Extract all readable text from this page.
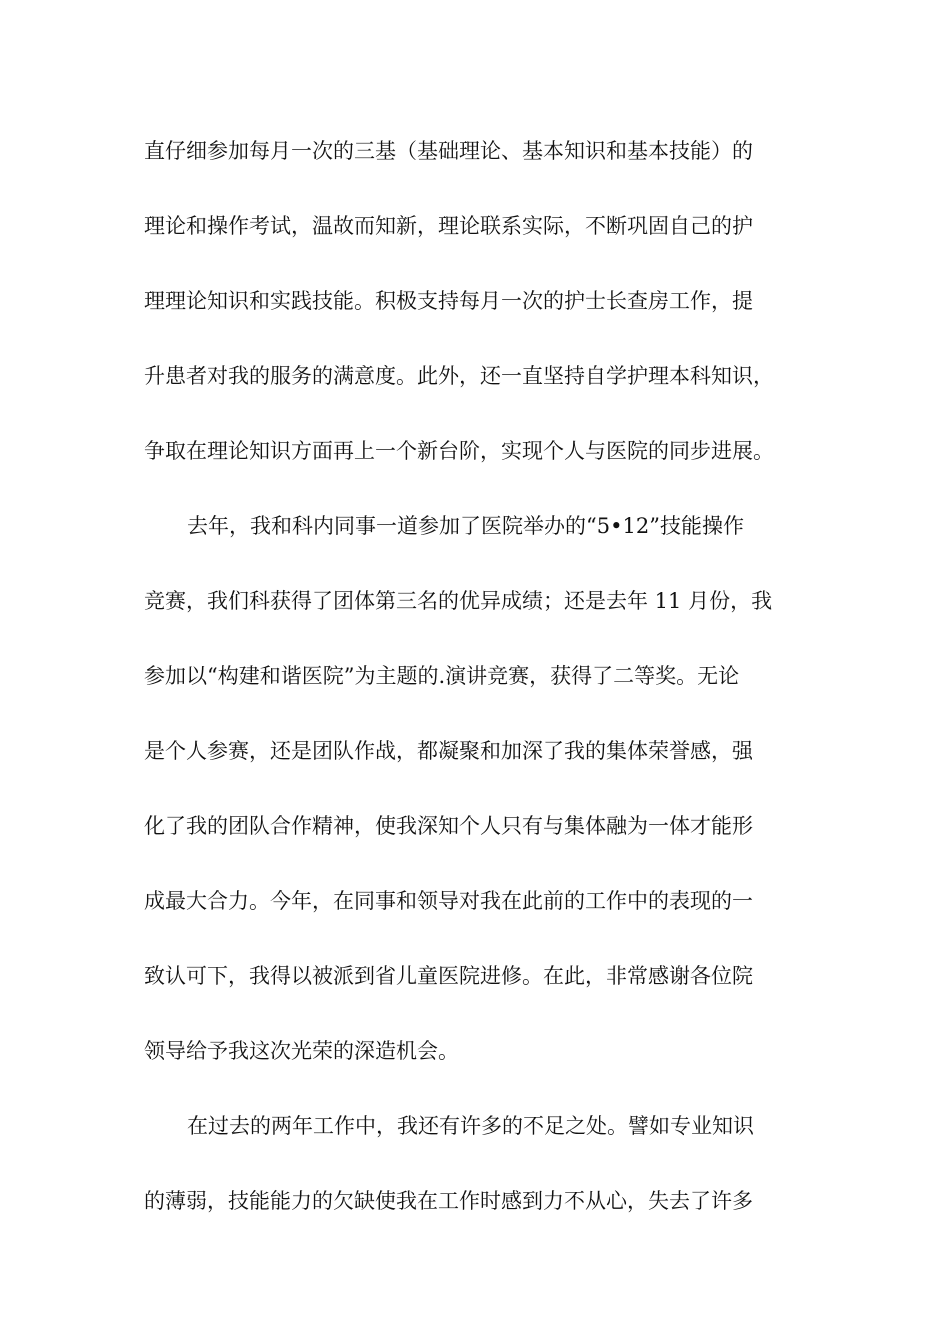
直仔细参加每月一次的三基（基础理论、基本知识和基本技能）的
理论和操作考试，温故而知新，理论联系实际，不断巩固自己的护
理理论知识和实践技能。积极支持每月一次的护士长查房工作，提
升患者对我的服务的满意度。此外，还一直坚持自学护理本科知识，
争取在理论知识方面再上一个新台阶，实现个人与医院的同步进展。
去年，我和科内同事一道参加了医院举办的“5•12”技能操作
竞赛，我们科获得了团体第三名的优异成绩；还是去年 11 月份，我
参加以“构建和谐医院”为主题的.演讲竞赛，获得了二等奖。无论
是个人参赛，还是团队作战，都凝聚和加深了我的集体荣誉感，强
化了我的团队合作精神，使我深知个人只有与集体融为一体才能形
成最大合力。今年，在同事和领导对我在此前的工作中的表现的一
致认可下，我得以被派到省儿童医院进修。在此，非常感谢各位院
领导给予我这次光荣的深造机会。
在过去的两年工作中，我还有许多的不足之处。譬如专业知识
的薄弱，技能能力的欠缺使我在工作时感到力不从心，失去了许多
